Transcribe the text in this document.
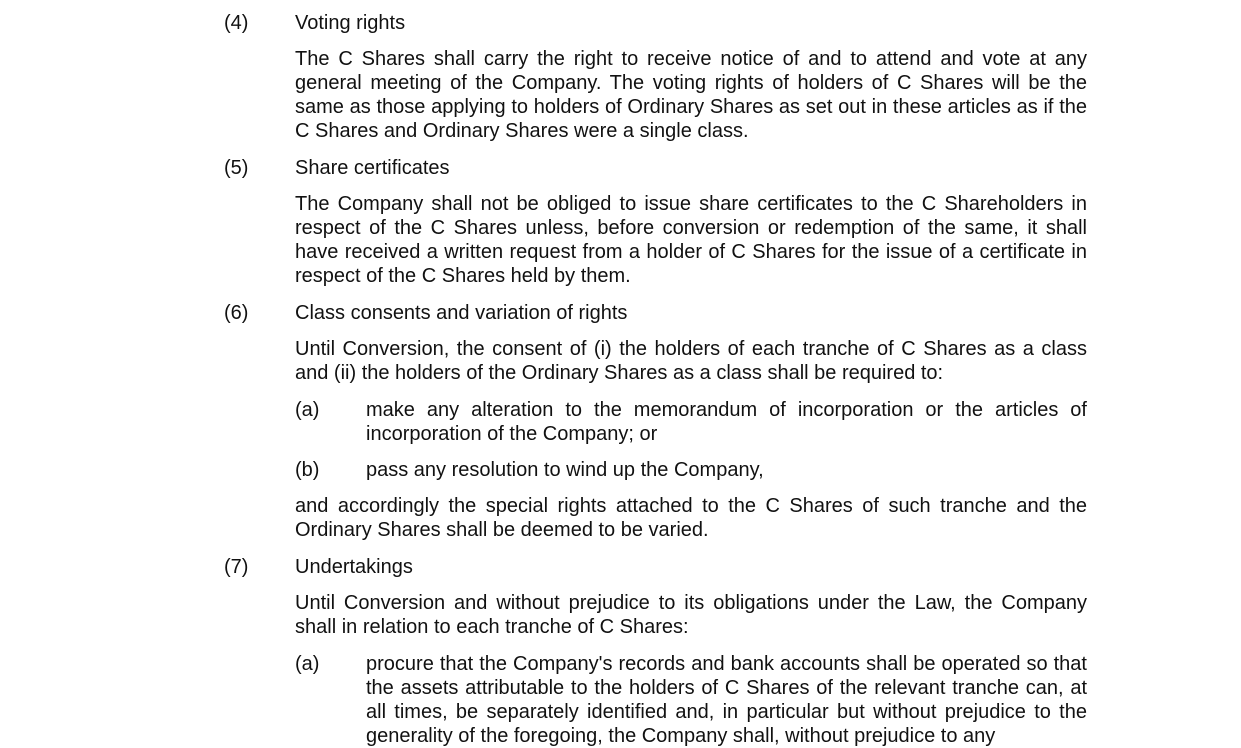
(4) Voting rights
The C Shares shall carry the right to receive notice of and to attend and vote at any general meeting of the Company. The voting rights of holders of C Shares will be the same as those applying to holders of Ordinary Shares as set out in these articles as if the C Shares and Ordinary Shares were a single class.
(5) Share certificates
The Company shall not be obliged to issue share certificates to the C Shareholders in respect of the C Shares unless, before conversion or redemption of the same, it shall have received a written request from a holder of C Shares for the issue of a certificate in respect of the C Shares held by them.
(6) Class consents and variation of rights
Until Conversion, the consent of (i) the holders of each tranche of C Shares as a class and (ii) the holders of the Ordinary Shares as a class shall be required to:
(a) make any alteration to the memorandum of incorporation or the articles of incorporation of the Company; or
(b) pass any resolution to wind up the Company,
and accordingly the special rights attached to the C Shares of such tranche and the Ordinary Shares shall be deemed to be varied.
(7) Undertakings
Until Conversion and without prejudice to its obligations under the Law, the Company shall in relation to each tranche of C Shares:
(a) procure that the Company's records and bank accounts shall be operated so that the assets attributable to the holders of C Shares of the relevant tranche can, at all times, be separately identified and, in particular but without prejudice to the generality of the foregoing, the Company shall, without prejudice to any
